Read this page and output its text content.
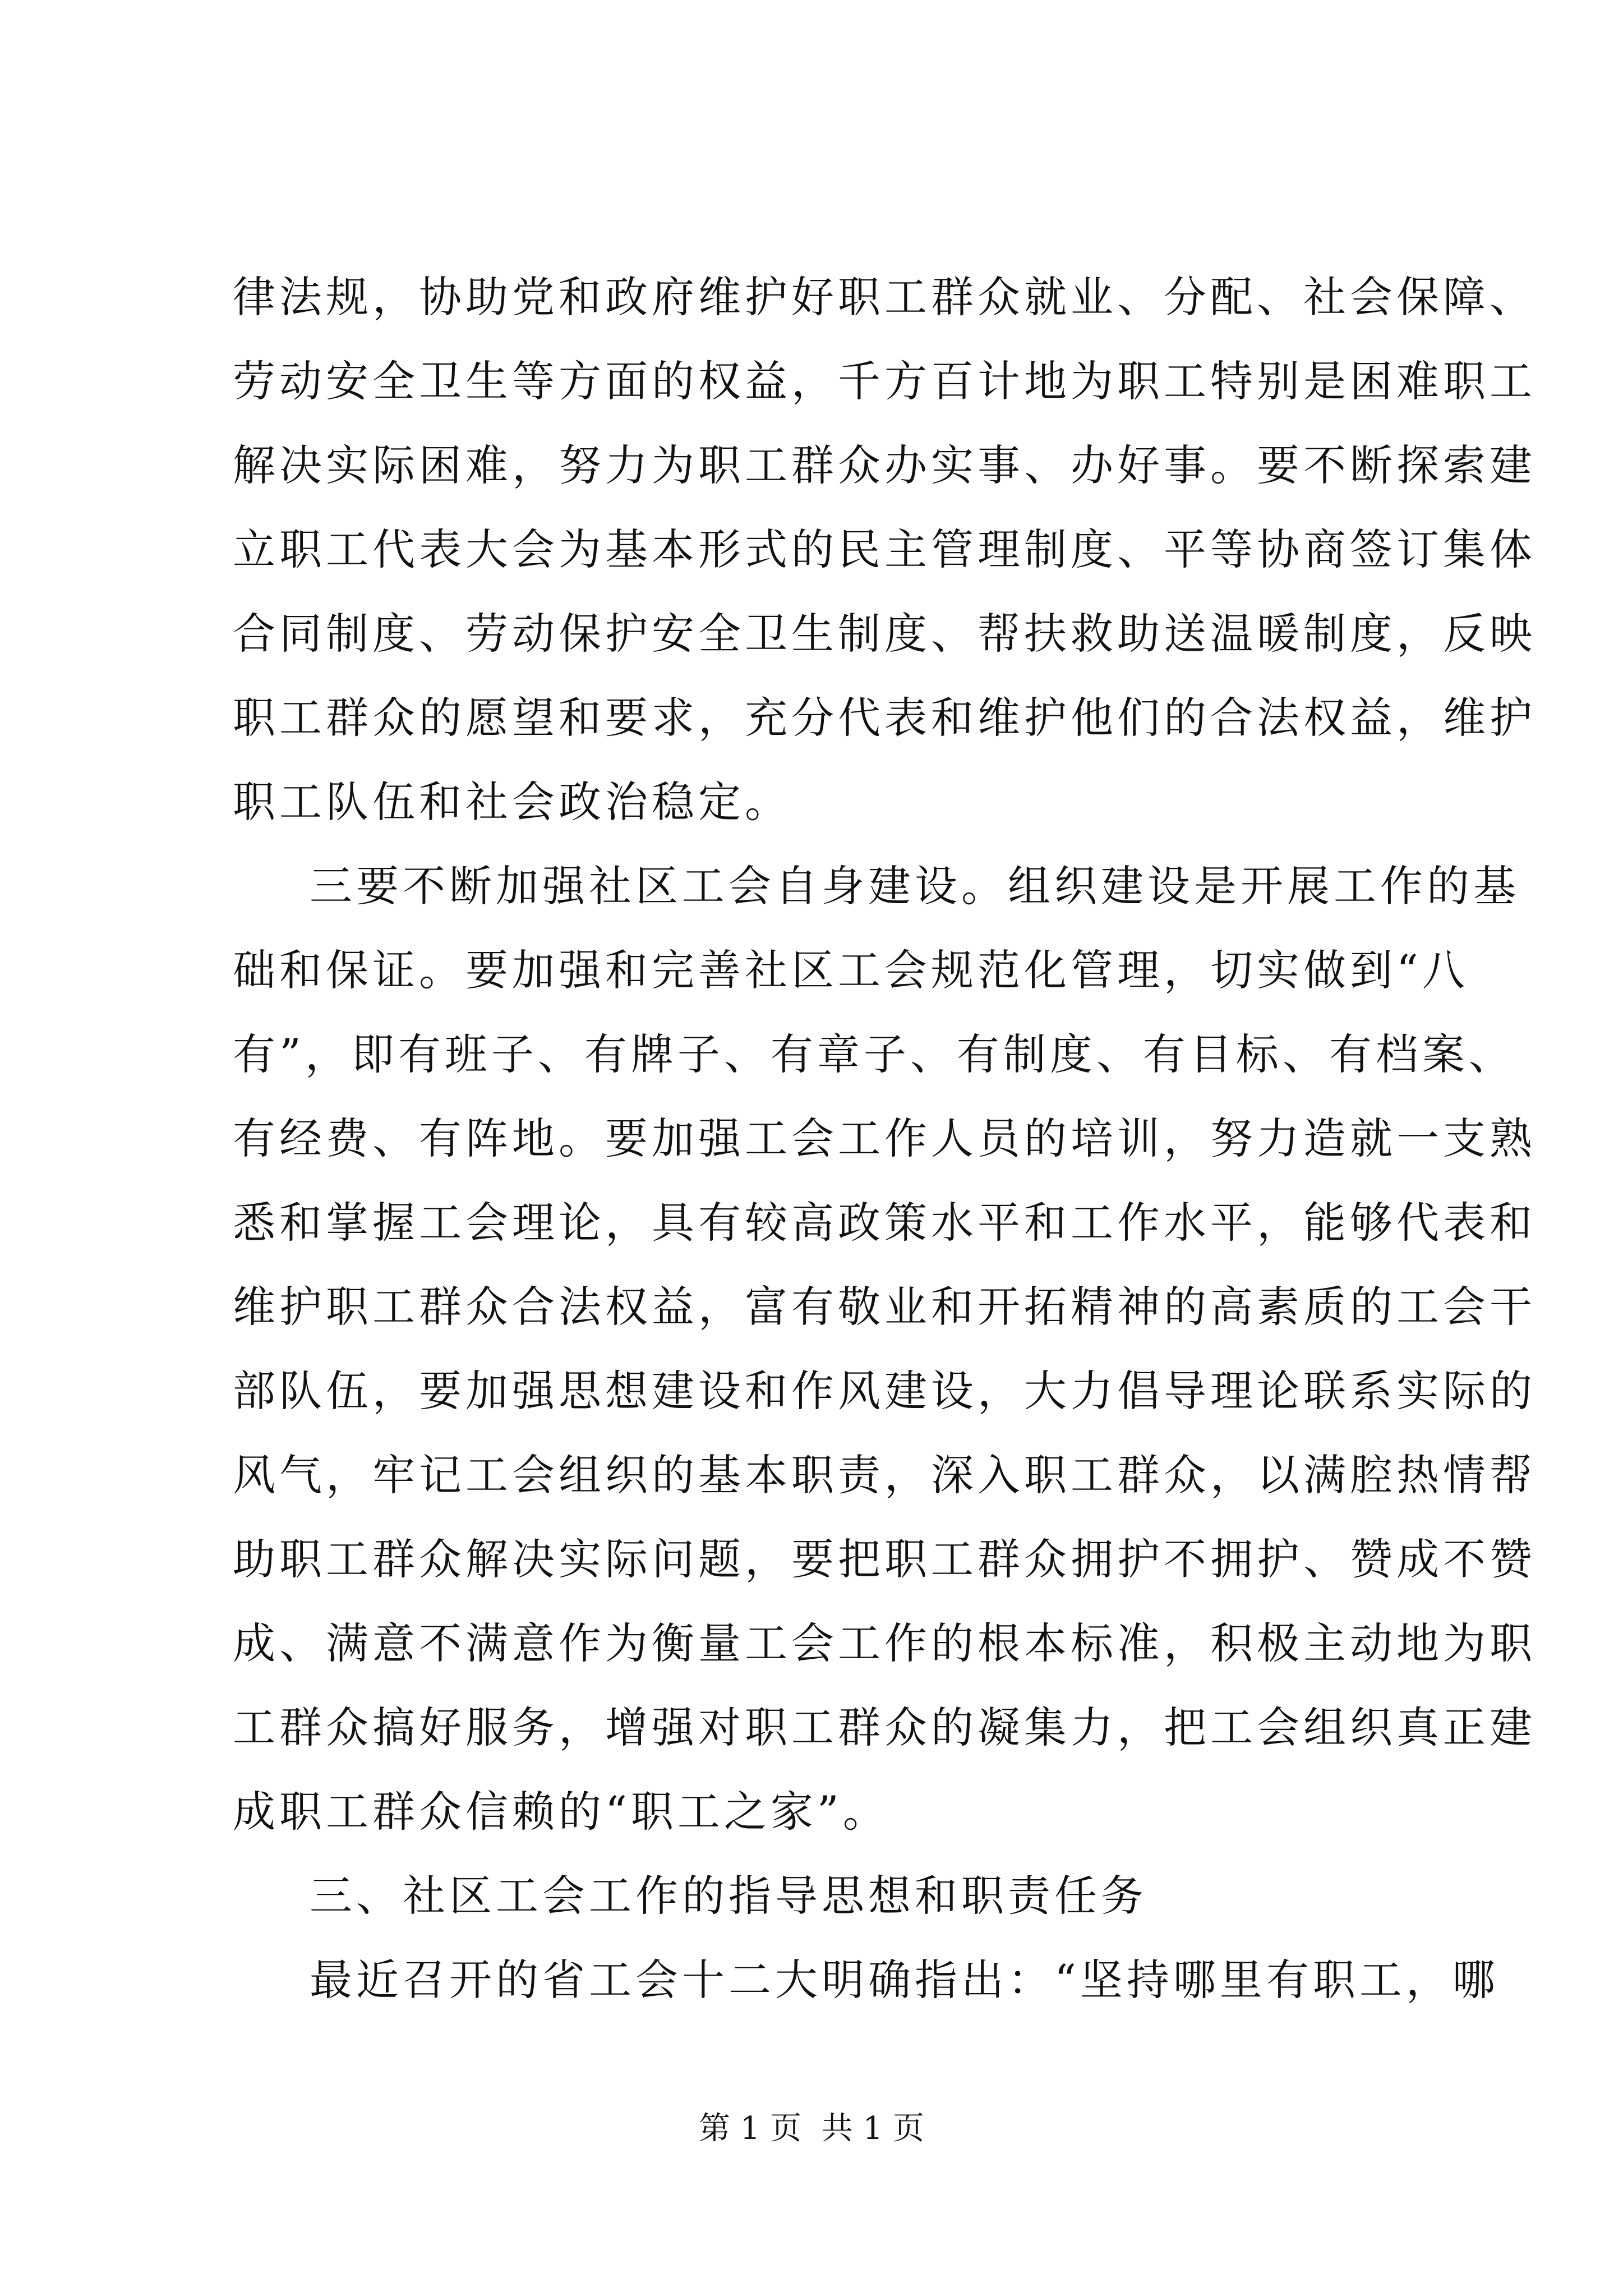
律法规，协助党和政府维护好职工群众就业、分配、社会保障、
劳动安全卫生等方面的权益，千方百计地为职工特别是困难职工
解决实际困难，努力为职工群众办实事、办好事。要不断探索建
立职工代表大会为基本形式的民主管理制度、平等协商签订集体
合同制度、劳动保护安全卫生制度、帮扶救助送温暖制度，反映
职工群众的愿望和要求，充分代表和维护他们的合法权益，维护
职工队伍和社会政治稳定。
三要不断加强社区工会自身建设。组织建设是开展工作的基
础和保证。要加强和完善社区工会规范化管理，切实做到“八
有”，即有班子、有牌子、有章子、有制度、有目标、有档案、
有经费、有阵地。要加强工会工作人员的培训，努力造就一支熟
悉和掌握工会理论，具有较高政策水平和工作水平，能够代表和
维护职工群众合法权益，富有敬业和开拓精神的高素质的工会干
部队伍，要加强思想建设和作风建设，大力倡导理论联系实际的
风气，牢记工会组织的基本职责，深入职工群众，以满腔热情帮
助职工群众解决实际问题，要把职工群众拥护不拥护、赞成不赞
成、满意不满意作为衡量工会工作的根本标准，积极主动地为职
工群众搞好服务，增强对职工群众的凝集力，把工会组织真正建
成职工群众信赖的“职工之家”。
三、社区工会工作的指导思想和职责任务
最近召开的省工会十二大明确指出：“坚持哪里有职工，哪
第 1 页  共 1 页
